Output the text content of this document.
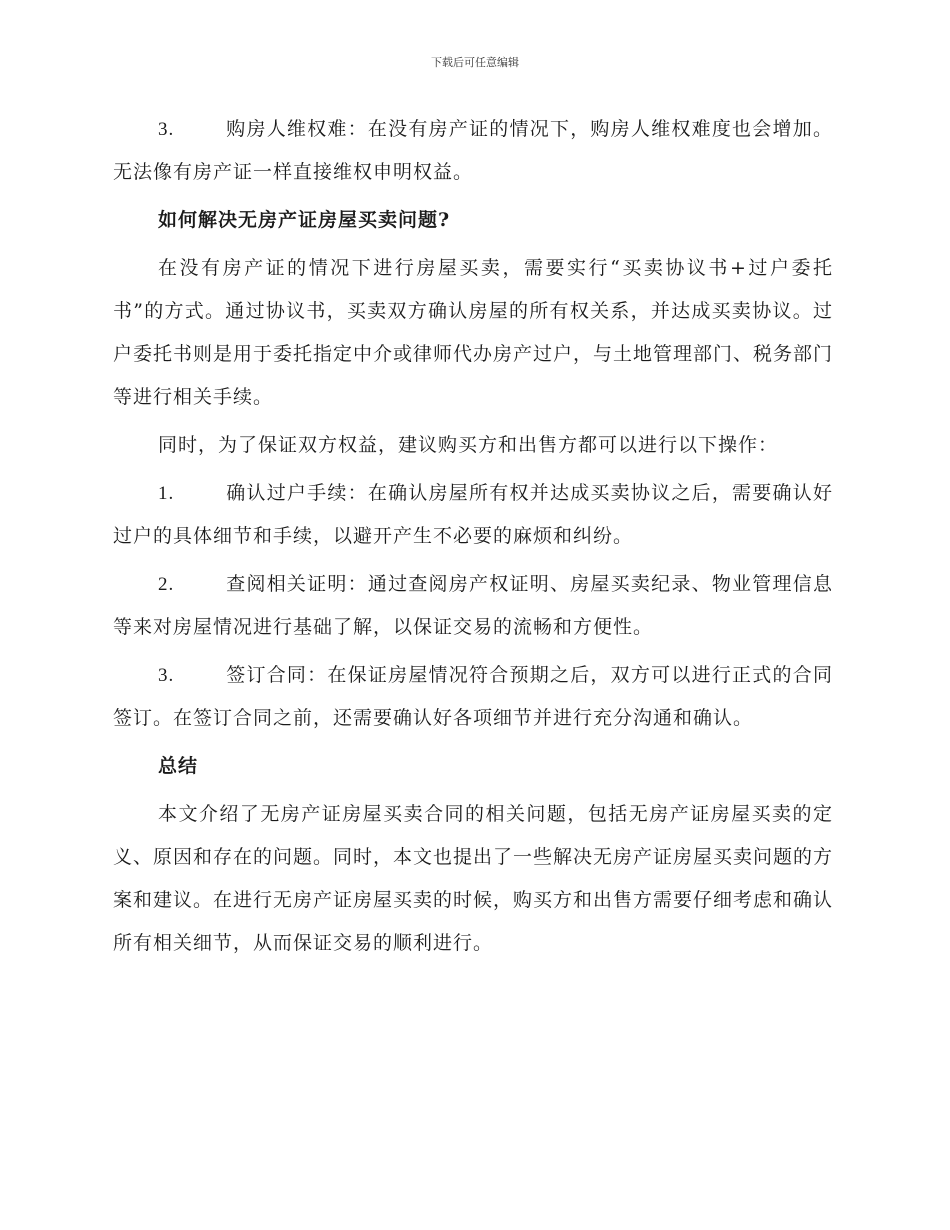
下载后可任意编辑

3.	购房人维权难：在没有房产证的情况下，购房人维权难度也会增加。无法像有房产证一样直接维权申明权益。

如何解决无房产证房屋买卖问题?

在没有房产证的情况下进行房屋买卖，需要实行“买卖协议书+过户委托书”的方式。通过协议书，买卖双方确认房屋的所有权关系，并达成买卖协议。过户委托书则是用于委托指定中介或律师代办房产过户，与土地管理部门、税务部门等进行相关手续。

同时，为了保证双方权益，建议购买方和出售方都可以进行以下操作：

1.	确认过户手续：在确认房屋所有权并达成买卖协议之后，需要确认好过户的具体细节和手续，以避开产生不必要的麻烦和纠纷。

2.	查阅相关证明：通过查阅房产权证明、房屋买卖纪录、物业管理信息等来对房屋情况进行基础了解，以保证交易的流畅和方便性。

3.	签订合同：在保证房屋情况符合预期之后，双方可以进行正式的合同签订。在签订合同之前，还需要确认好各项细节并进行充分沟通和确认。

总结

本文介绍了无房产证房屋买卖合同的相关问题，包括无房产证房屋买卖的定义、原因和存在的问题。同时，本文也提出了一些解决无房产证房屋买卖问题的方案和建议。在进行无房产证房屋买卖的时候，购买方和出售方需要仔细考虑和确认所有相关细节，从而保证交易的顺利进行。
